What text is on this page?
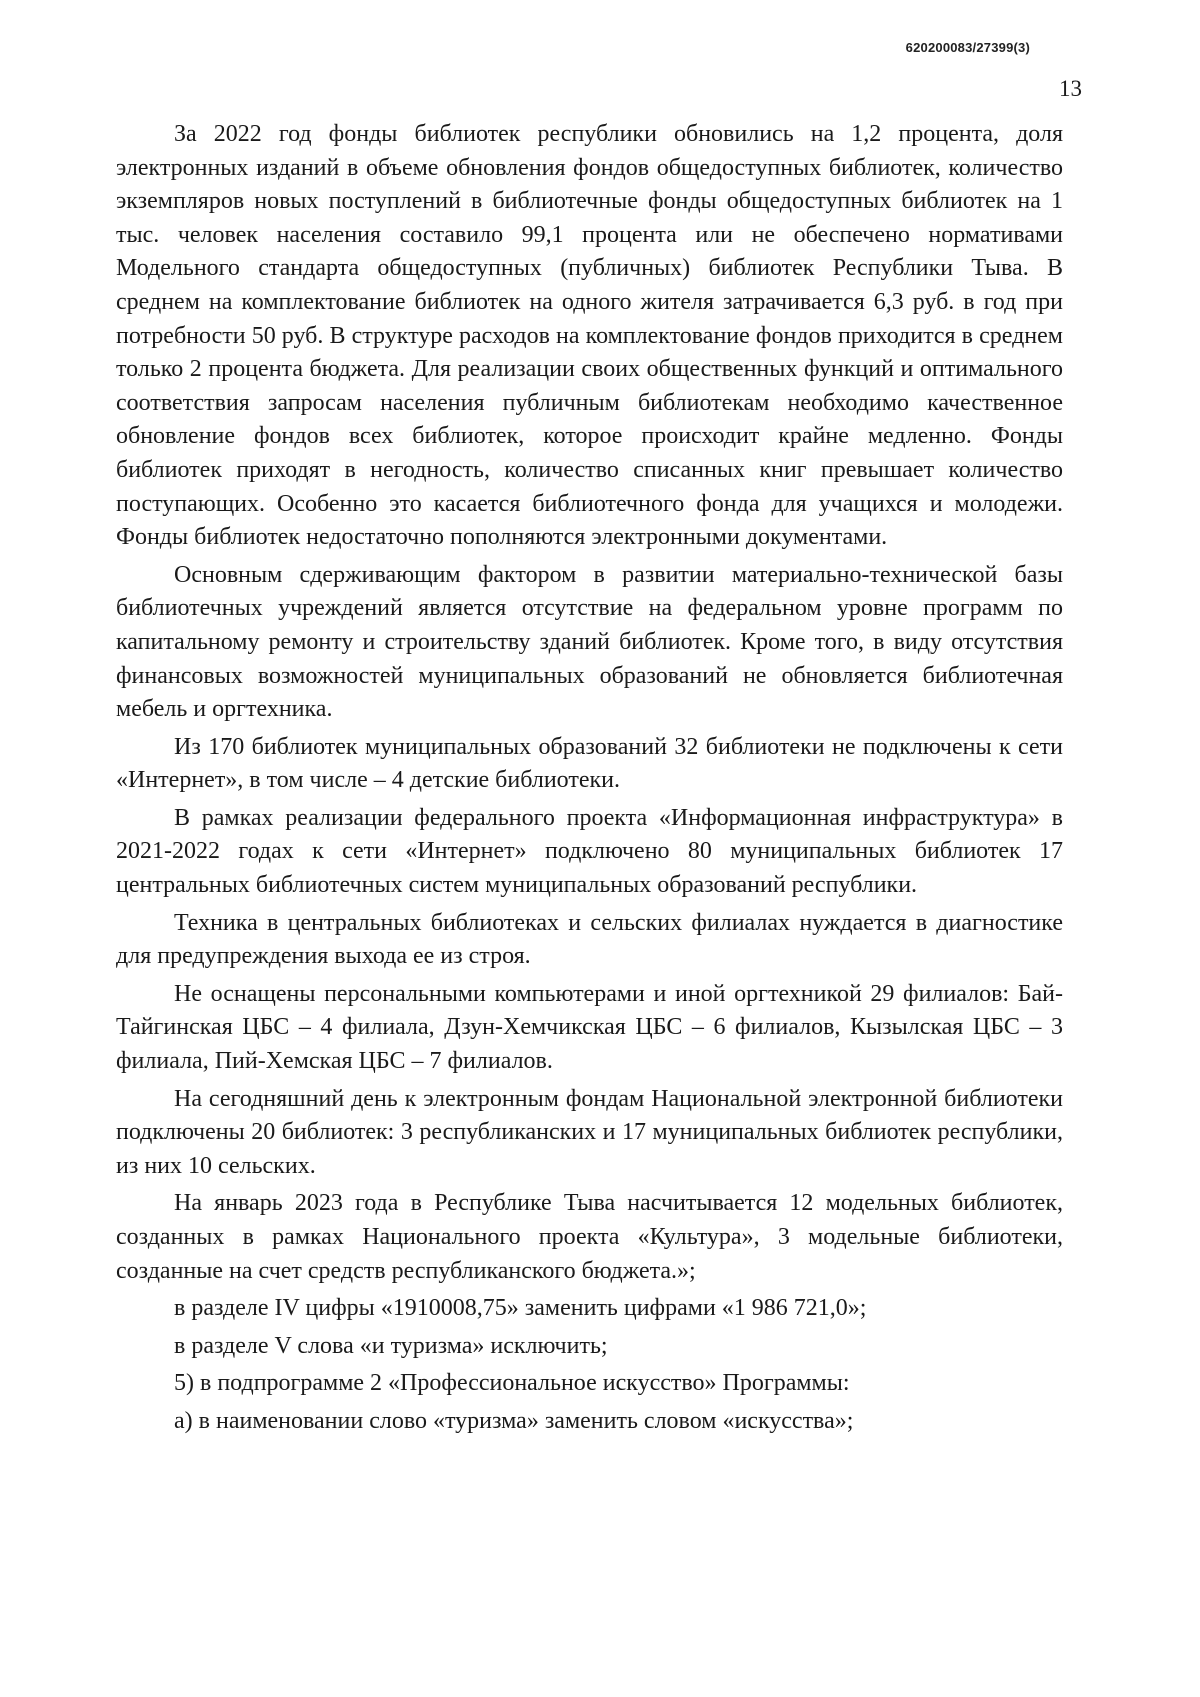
620200083/27399(3)
13

За 2022 год фонды библиотек республики обновились на 1,2 процента, доля электронных изданий в объеме обновления фондов общедоступных библиотек, количество экземпляров новых поступлений в библиотечные фонды общедоступных библиотек на 1 тыс. человек населения составило 99,1 процента или не обеспечено нормативами Модельного стандарта общедоступных (публичных) библиотек Республики Тыва. В среднем на комплектование библиотек на одного жителя затрачивается 6,3 руб. в год при потребности 50 руб. В структуре расходов на комплектование фондов приходится в среднем только 2 процента бюджета. Для реализации своих общественных функций и оптимального соответствия запросам населения публичным библиотекам необходимо качественное обновление фондов всех библиотек, которое происходит крайне медленно. Фонды библиотек приходят в негодность, количество списанных книг превышает количество поступающих. Особенно это касается библиотечного фонда для учащихся и молодежи. Фонды библиотек недостаточно пополняются электронными документами.

Основным сдерживающим фактором в развитии материально-технической базы библиотечных учреждений является отсутствие на федеральном уровне программ по капитальному ремонту и строительству зданий библиотек. Кроме того, в виду отсутствия финансовых возможностей муниципальных образований не обновляется библиотечная мебель и оргтехника.

Из 170 библиотек муниципальных образований 32 библиотеки не подключены к сети «Интернет», в том числе – 4 детские библиотеки.

В рамках реализации федерального проекта «Информационная инфраструктура» в 2021-2022 годах к сети «Интернет» подключено 80 муниципальных библиотек 17 центральных библиотечных систем муниципальных образований республики.

Техника в центральных библиотеках и сельских филиалах нуждается в диагностике для предупреждения выхода ее из строя.

Не оснащены персональными компьютерами и иной оргтехникой 29 филиалов: Бай-Тайгинская ЦБС – 4 филиала, Дзун-Хемчикская ЦБС – 6 филиалов, Кызылская ЦБС – 3 филиала, Пий-Хемская ЦБС – 7 филиалов.

На сегодняшний день к электронным фондам Национальной электронной библиотеки подключены 20 библиотек: 3 республиканских и 17 муниципальных библиотек республики, из них 10 сельских.

На январь 2023 года в Республике Тыва насчитывается 12 модельных библиотек, созданных в рамках Национального проекта «Культура», 3 модельные библиотеки, созданные на счет средств республиканского бюджета.»;

в разделе IV цифры «1910008,75» заменить цифрами «1 986 721,0»;

в разделе V слова «и туризма» исключить;

5) в подпрограмме 2 «Профессиональное искусство» Программы:

а) в наименовании слово «туризма» заменить словом «искусства»;
